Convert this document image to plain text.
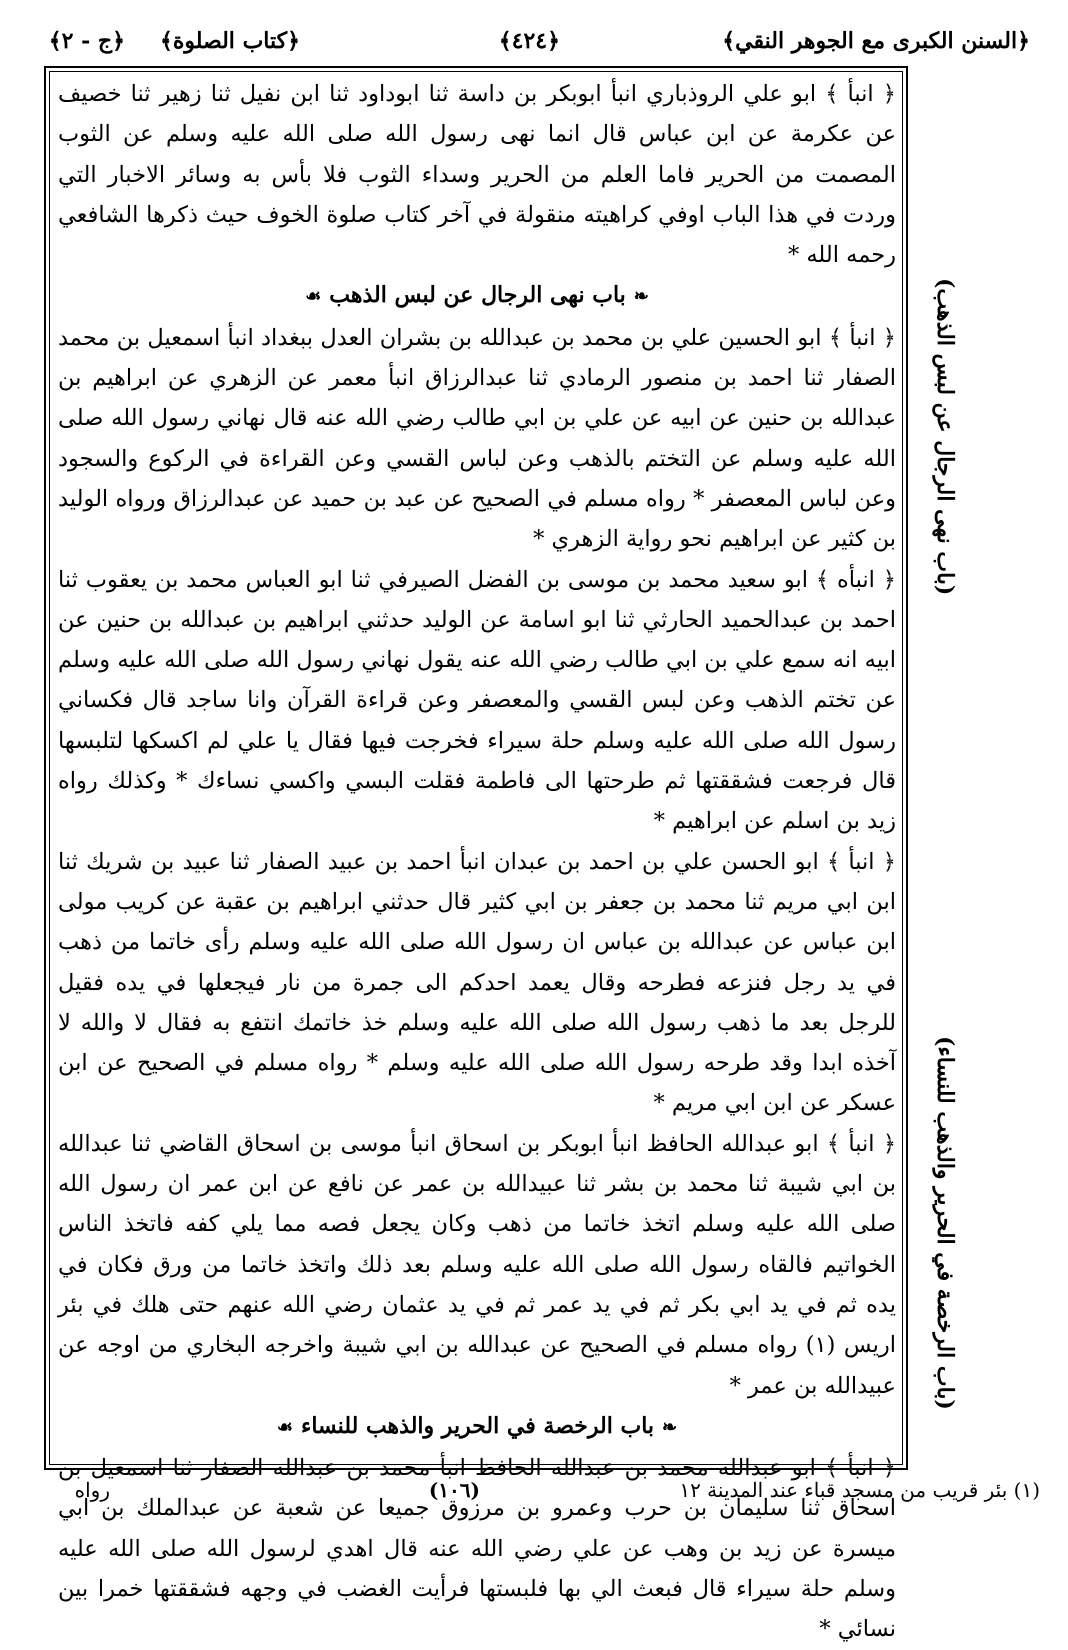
﴿السنن الكبرى مع الجوهر النقي﴾
﴿٤٢٤﴾
﴿كتاب الصلوة﴾
﴿ج - ٢﴾

﴿ انبأ ﴾ ابو علي الروذباري انبأ ابوبكر بن داسة ثنا ابوداود ثنا ابن نفيل ثنا زهير ثنا خصيف عن عكرمة عن ابن عباس قال انما نهى رسول الله صلى الله عليه وسلم عن الثوب المصمت من الحرير فاما العلم من الحرير وسداء الثوب فلا بأس به وسائر الاخبار التي وردت في هذا الباب اوفي كراهيته منقولة في آخر كتاب صلوة الخوف حيث ذكرها الشافعي رحمه الله *

❧باب نهى الرجال عن لبس الذهب☙

﴿ انبأ ﴾ ابو الحسين علي بن محمد بن عبدالله بن بشران العدل ببغداد انبأ اسمعيل بن محمد الصفار ثنا احمد بن منصور الرمادي ثنا عبدالرزاق انبأ معمر عن الزهري عن ابراهيم بن عبدالله بن حنين عن ابيه عن علي بن ابي طالب رضي الله عنه قال نهاني رسول الله صلى الله عليه وسلم عن التختم بالذهب وعن لباس القسي وعن القراءة في الركوع والسجود وعن لباس المعصفر * رواه مسلم في الصحيح عن عبد بن حميد عن عبدالرزاق ورواه الوليد بن كثير عن ابراهيم نحو رواية الزهري *

﴿ انبأه ﴾ ابو سعيد محمد بن موسى بن الفضل الصيرفي ثنا ابو العباس محمد بن يعقوب ثنا احمد بن عبدالحميد الحارثي ثنا ابو اسامة عن الوليد حدثني ابراهيم بن عبدالله بن حنين عن ابيه انه سمع علي بن ابي طالب رضي الله عنه يقول نهاني رسول الله صلى الله عليه وسلم عن تختم الذهب وعن لبس القسي والمعصفر وعن قراءة القرآن وانا ساجد قال فكساني رسول الله صلى الله عليه وسلم حلة سيراء فخرجت فيها فقال يا علي لم اكسكها لتلبسها قال فرجعت فشققتها ثم طرحتها الى فاطمة فقلت البسي واكسي نساءك * وكذلك رواه زيد بن اسلم عن ابراهيم *

﴿ انبأ ﴾ ابو الحسن علي بن احمد بن عبدان انبأ احمد بن عبيد الصفار ثنا عبيد بن شريك ثنا ابن ابي مريم ثنا محمد بن جعفر بن ابي كثير قال حدثني ابراهيم بن عقبة عن كريب مولى ابن عباس عن عبدالله بن عباس ان رسول الله صلى الله عليه وسلم رأى خاتما من ذهب في يد رجل فنزعه فطرحه وقال يعمد احدكم الى جمرة من نار فيجعلها في يده فقيل للرجل بعد ما ذهب رسول الله صلى الله عليه وسلم خذ خاتمك انتفع به فقال لا والله لا آخذه ابدا وقد طرحه رسول الله صلى الله عليه وسلم * رواه مسلم في الصحيح عن ابن عسكر عن ابن ابي مريم *

﴿ انبأ ﴾ ابو عبدالله الحافظ انبأ ابوبكر بن اسحاق انبأ موسى بن اسحاق القاضي ثنا عبدالله بن ابي شيبة ثنا محمد بن بشر ثنا عبيدالله بن عمر عن نافع عن ابن عمر ان رسول الله صلى الله عليه وسلم اتخذ خاتما من ذهب وكان يجعل فصه مما يلي كفه فاتخذ الناس الخواتيم فالقاه رسول الله صلى الله عليه وسلم بعد ذلك واتخذ خاتما من ورق فكان في يده ثم في يد ابي بكر ثم في يد عمر ثم في يد عثمان رضي الله عنهم حتى هلك في بئر اريس (١) رواه مسلم في الصحيح عن عبدالله بن ابي شيبة واخرجه البخاري من اوجه عن عبيدالله بن عمر *

❧باب الرخصة في الحرير والذهب للنساء☙

﴿ انبأ ﴾ ابو عبدالله محمد بن عبدالله الحافظ انبأ محمد بن عبدالله الصفار ثنا اسمعيل بن اسحاق ثنا سليمان بن حرب وعمرو بن مرزوق جميعا عن شعبة عن عبدالملك بن ابي ميسرة عن زيد بن وهب عن علي رضي الله عنه قال اهدي لرسول الله صلى الله عليه وسلم حلة سيراء قال فبعث الي بها فلبستها فرأيت الغضب في وجهه فشققتها خمرا بين نسائي *

(باب نهى الرجال عن لبس الذهب)
(باب الرخصة في الحرير والذهب للنساء)
(١) بئر قريب من مسجد قباء عند المدينة ١٢
(١٠٦)
رواه
